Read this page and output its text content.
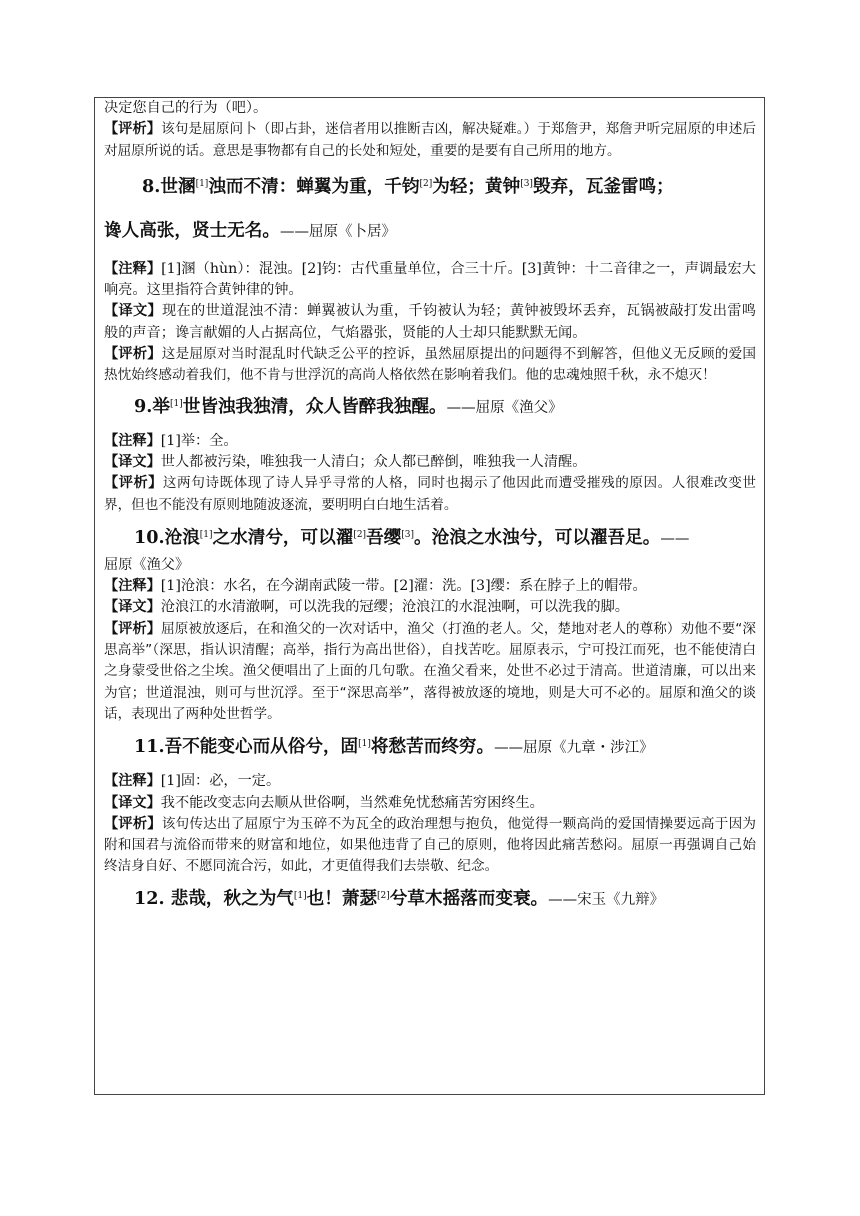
决定您自己的行为（吧）。

【评析】该句是屈原问卜（即占卦，迷信者用以推断吉凶，解决疑难。）于郑詹尹，郑詹尹听完屈原的申述后对屈原所说的话。意思是事物都有自己的长处和短处，重要的是要有自己所用的地方。

8.世溷[1]浊而不清：蝉翼为重，千钧[2]为轻；黄钟[3]毁弃，瓦釜雷鸣；

谗人高张，贤士无名。——屈原《卜居》

【注释】[1]溷（hùn）：混浊。[2]钧：古代重量单位，合三十斤。[3]黄钟：十二音律之一，声调最宏大响亮。这里指符合黄钟律的钟。

【译文】现在的世道混浊不清：蝉翼被认为重，千钧被认为轻；黄钟被毁坏丢弃，瓦锅被敲打发出雷鸣般的声音；谗言献媚的人占据高位，气焰嚣张，贤能的人士却只能默默无闻。

【评析】这是屈原对当时混乱时代缺乏公平的控诉，虽然屈原提出的问题得不到解答，但他义无反顾的爱国热忱始终感动着我们，他不肯与世浮沉的高尚人格依然在影响着我们。他的忠魂烛照千秋，永不熄灭！

9.举[1]世皆浊我独清，众人皆醉我独醒。——屈原《渔父》

【注释】[1]举：全。

【译文】世人都被污染，唯独我一人清白；众人都已醉倒，唯独我一人清醒。

【评析】这两句诗既体现了诗人异乎寻常的人格，同时也揭示了他因此而遭受摧残的原因。人很难改变世界，但也不能没有原则地随波逐流，要明明白白地生活着。

10.沧浪[1]之水清兮，可以濯[2]吾缨[3]。沧浪之水浊兮，可以濯吾足。——

屈原《渔父》

【注释】[1]沧浪：水名，在今湖南武陵一带。[2]濯：洗。[3]缨：系在脖子上的帽带。

【译文】沧浪江的水清澈啊，可以洗我的冠缨；沧浪江的水混浊啊，可以洗我的脚。

【评析】屈原被放逐后，在和渔父的一次对话中，渔父（打渔的老人。父，楚地对老人的尊称）劝他不要“深思高举”（深思，指认识清醒；高举，指行为高出世俗），自找苦吃。屈原表示，宁可投江而死，也不能使清白之身蒙受世俗之尘埃。渔父便唱出了上面的几句歌。在渔父看来，处世不必过于清高。世道清廉，可以出来为官；世道混浊，则可与世沉浮。至于“深思高举”，落得被放逐的境地，则是大可不必的。屈原和渔父的谈话，表现出了两种处世哲学。

11.吾不能变心而从俗兮，固[1]将愁苦而终穷。——屈原《九章・涉江》

【注释】[1]固：必，一定。

【译文】我不能改变志向去顺从世俗啊，当然难免忧愁痛苦穷困终生。

【评析】该句传达出了屈原宁为玉碎不为瓦全的政治理想与抱负，他觉得一颗高尚的爱国情操要远高于因为附和国君与流俗而带来的财富和地位，如果他违背了自己的原则，他将因此痛苦愁闷。屈原一再强调自己始终洁身自好、不愿同流合污，如此，才更值得我们去崇敬、纪念。

12. 悲哉，秋之为气[1]也！萧瑟[2]兮草木摇落而变衰。——宋玉《九辩》
